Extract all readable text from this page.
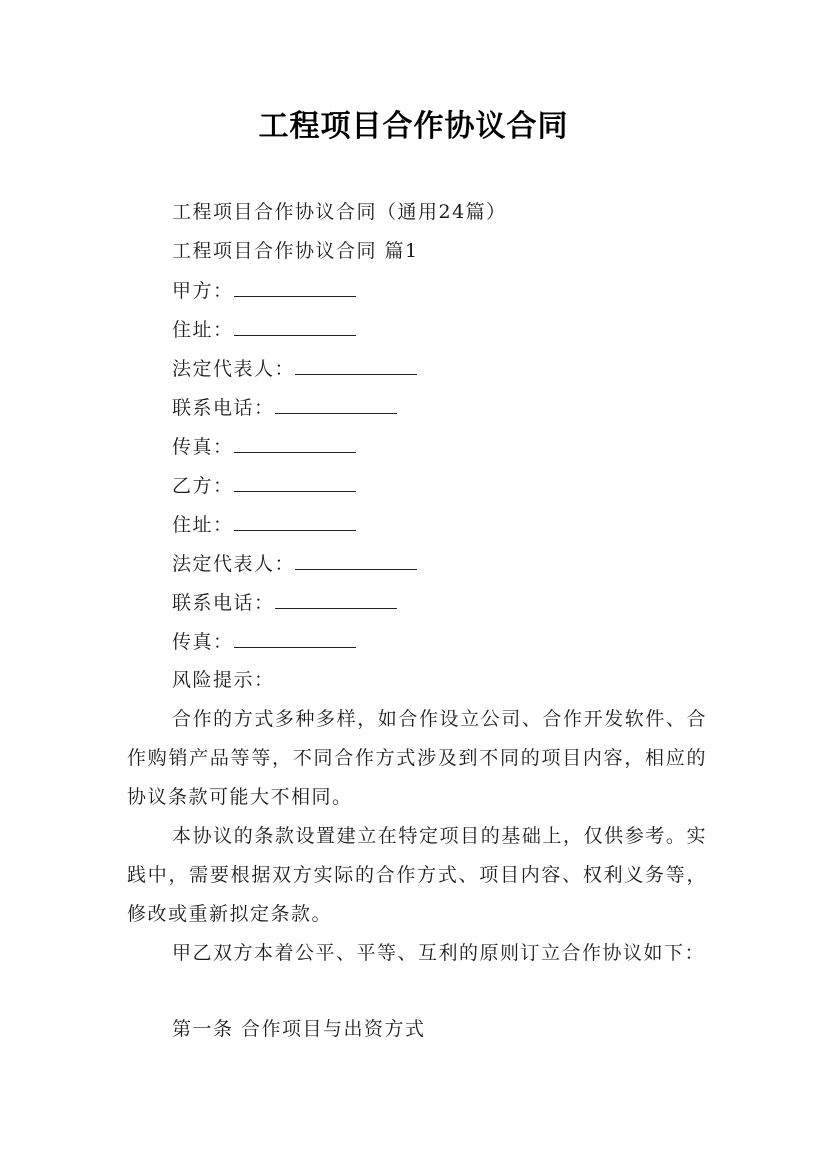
工程项目合作协议合同
工程项目合作协议合同（通用24篇）
工程项目合作协议合同 篇1
甲方：
住址：
法定代表人：
联系电话：
传真：
乙方：
住址：
法定代表人：
联系电话：
传真：
风险提示：
合作的方式多种多样，如合作设立公司、合作开发软件、合作购销产品等等，不同合作方式涉及到不同的项目内容，相应的协议条款可能大不相同。
本协议的条款设置建立在特定项目的基础上，仅供参考。实践中，需要根据双方实际的合作方式、项目内容、权利义务等，修改或重新拟定条款。
甲乙双方本着公平、平等、互利的原则订立合作协议如下：
第一条 合作项目与出资方式
